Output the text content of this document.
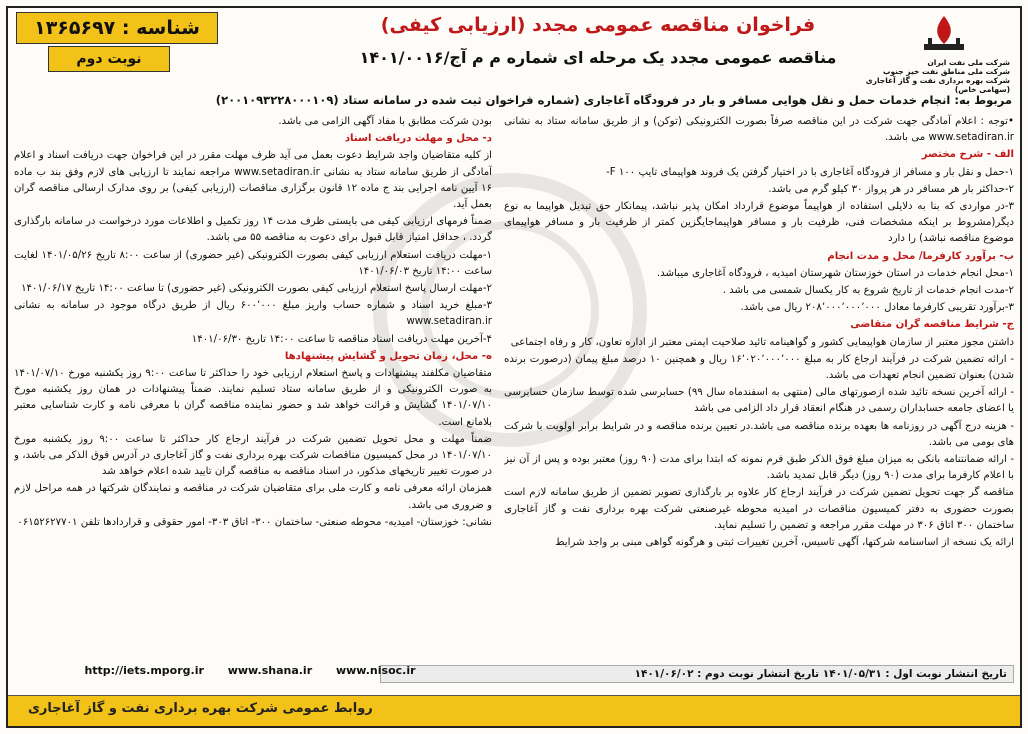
شرکت ملی نفت ایران
شرکت ملی مناطق نفت خیز جنوب
شرکت بهره برداری نفت و گاز آغاجاری (سهامی خاص)
فراخوان مناقصه عمومی مجدد (ارزیابی کیفی)
مناقصه عمومی مجدد یک مرحله ای شماره م م آج/۱۴۰۱/۰۰۱۶
شناسه : ۱۳۶۵۶۹۷
نوبت دوم
مربوط به: انجام خدمات حمل و نقل هوایی مسافر و بار در فرودگاه آغاجاری (شماره فراخوان ثبت شده در سامانه ستاد (۲۰۰۱۰۹۳۲۲۸۰۰۰۱۰۹)

•توجه : اعلام آمادگی جهت شرکت در این مناقصه صرفاً بصورت الکترونیکی (توکن) و از طریق سامانه ستاد به نشانی www.setadiran.ir می باشد.

الف - شرح مختصر

۱-حمل و نقل بار و مسافر از فرودگاه آغاجاری با در اختیار گرفتن یک فروند هواپیمای تایپ ۱۰۰ F-

۲-حداکثر بار هر مسافر در هر پرواز ۳۰ کیلو گرم می باشد.

۳-در مواردی که بنا به دلایلی استفاده از هواپیماً موضوع قرارداد امکان پذیر نباشد، پیمانکار حق تبدیل هواپیما به نوع دیگر(مشروط بر اینکه مشخصات فنی، ظرفیت بار و مسافر هواپیماجایگزین کمتر از ظرفیت بار و مسافر هواپیمای موضوع مناقصه نباشد) را دارد

ب- برآورد کارفرما/ محل و مدت انجام

۱-محل انجام خدمات در استان خوزستان شهرستان امیدیه ، فرودگاه آغاجاری میباشد.

۲-مدت انجام خدمات از تاریخ شروع به کار یکسال شمسی می باشد .

۳-برآورد تقریبی کارفرما معادل ۲۰۸٬۰۰۰٬۰۰۰٬۰۰۰ ریال می باشد.

ج- شرایط مناقصه گران متقاضی

داشتن مجوز معتبر از سازمان هواپیمایی کشور و گواهینامه تائید صلاحیت ایمنی معتبر از اداره تعاون، کار و رفاه اجتماعی

- ارائه تضمین شرکت در فرآیند ارجاع کار به مبلغ ۱۶٬۰۲۰٬۰۰۰٬۰۰۰ ریال و همچنین ۱۰ درصد مبلغ پیمان (درصورت برنده شدن) بعنوان تضمین انجام تعهدات می باشد.

- ارائه آخرین نسخه تائید شده ازصورتهای مالی (منتهی به اسفندماه سال ۹۹) حسابرسی شده توسط سازمان حسابرسی یا اعضای جامعه حسابداران رسمی در هنگام انعقاد قرار داد الزامی می باشد

- هزینه درج آگهی در روزنامه ها بعهده برنده مناقصه می باشد.در تعیین برنده مناقصه و در شرایط برابر اولویت با شرکت های بومی می باشد.

- ارائه ضمانتنامه بانکی به میزان مبلغ فوق الذکر طبق فرم نمونه که ابتدا برای مدت (۹۰ روز) معتبر بوده و پس از آن نیز با اعلام کارفرما برای مدت (۹۰ روز) دیگر قابل تمدید باشد.

مناقصه گر جهت تحویل تضمین شرکت در فرآیند ارجاع کار علاوه بر بارگذاری تصویر تضمین از طریق سامانه لازم است بصورت حضوری به دفتر کمیسیون مناقصات در امیدیه محوطه غیرصنعتی شرکت بهره برداری نفت و گاز آغاجاری ساختمان ۳۰۰ اتاق ۳۰۶ در مهلت مقرر مراجعه و تضمین را تسلیم نماید.

ارائه یک نسخه از اساسنامه شرکتها، آگهی تاسیس، آخرین تغییرات ثبتی و هرگونه گواهی مبنی بر واجد شرایط

بودن شرکت مطابق با مفاد آگهی الزامی می باشد.

د- محل و مهلت دریافت اسناد

از کلیه متقاضیان واجد شرایط دعوت بعمل می آید ظرف مهلت مقرر در این فراخوان جهت دریافت اسناد و اعلام آمادگی از طریق سامانه ستاد به نشانی www.setadiran.ir مراجعه نمایند تا ارزیابی های لازم وفق بند ب ماده ۱۶ آیین نامه اجرایی بند ج ماده ۱۲ قانون برگزاری مناقصات (ارزیابی کیفی) بر روی مدارک ارسالی مناقصه گران بعمل آید.

ضمناً فرمهای ارزیابی کیفی می بایستی ظرف مدت ۱۴ روز تکمیل و اطلاعات مورد درخواست در سامانه بارگذاری گردد. ، حداقل امتیاز قابل قبول برای دعوت به مناقصه ۵۵ می باشد.

۱-مهلت دریافت استعلام ارزیابی کیفی بصورت الکترونیکی (غیر حضوری) از ساعت ۸:۰۰ تاریخ ۱۴۰۱/۰۵/۲۶ لغایت ساعت ۱۴:۰۰ تاریخ ۱۴۰۱/۰۶/۰۳

۲-مهلت ارسال پاسخ استعلام ارزیابی کیفی بصورت الکترونیکی (غیر حضوری) تا ساعت ۱۴:۰۰ تاریخ ۱۴۰۱/۰۶/۱۷

۳-مبلغ خرید اسناد و شماره حساب واریز مبلغ ۶۰۰٬۰۰۰ ریال از طریق درگاه موجود در سامانه به نشانی www.setadiran.ir

۴-آخرین مهلت دریافت اسناد مناقصه تا ساعت ۱۴:۰۰ تاریخ ۱۴۰۱/۰۶/۳۰

ه- محل، زمان تحویل و گشایش پیشنهادها

متقاضیان مکلفند پیشنهادات و پاسخ استعلام ارزیابی خود را حداکثر تا ساعت ۹:۰۰ روز یکشنبه مورخ ۱۴۰۱/۰۷/۱۰ به صورت الکترونیکی و از طریق سامانه ستاد تسلیم نمایند. ضمناً پیشنهادات در همان روز یکشنبه مورخ ۱۴۰۱/۰۷/۱۰ گشایش و قرائت خواهد شد و حضور نماینده مناقصه گران با معرفی نامه و کارت شناسایی معتبر بلامانع است.

ضمناً مهلت و محل تحویل تضمین شرکت در فرآیند ارجاع کار حداکثر تا ساعت ۹:۰۰ روز یکشنبه مورخ ۱۴۰۱/۰۷/۱۰ در محل کمیسیون مناقصات شرکت بهره برداری نفت و گاز آغاجاری در آدرس فوق الذکر می باشد، و در صورت تغییر تاریخهای مذکور، در اسناد مناقصه به مناقصه گران تایید شده اعلام خواهد شد

همزمان ارائه معرفی نامه و کارت ملی برای متقاضیان شرکت در مناقصه و نمایندگان شرکتها در همه مراحل لازم و ضروری می باشد.

نشانی: خوزستان- امیدیه- محوطه صنعتی- ساختمان ۳۰۰- اتاق ۳۰۳- امور حقوقی و قراردادها تلفن ۰۶۱۵۲۶۲۷۷۰۱

تاریخ انتشار نوبت اول : ۱۴۰۱/۰۵/۳۱ تاریخ انتشار نوبت دوم : ۱۴۰۱/۰۶/۰۲
http://iets.mporg.ir www.shana.ir www.nisoc.ir
روابط عمومی شرکت بهره برداری نفت و گاز آغاجاری
